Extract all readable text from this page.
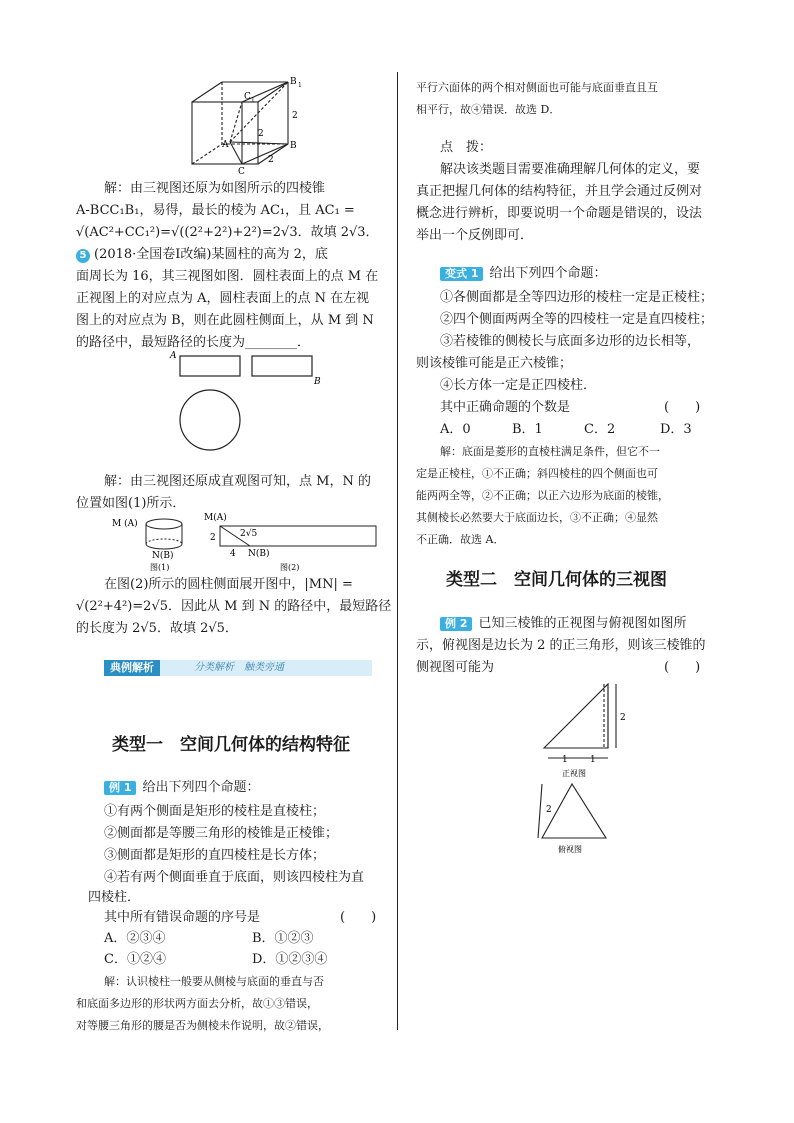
B 1
C 1
A	B
C
2
2
2
解：由三视图还原为如图所示的四棱锥
A-BCC₁B₁，易得，最长的棱为 AC₁，且 AC₁ =
√(AC²+CC₁²)=√((2²+2²)+2²)=2√3．故填 2√3．
5 (2018·全国卷Ⅰ改编)某圆柱的高为 2，底
面周长为 16，其三视图如图．圆柱表面上的点 M 在
正视图上的对应点为 A，圆柱表面上的点 N 在左视
图上的对应点为 B，则在此圆柱侧面上，从 M 到 N
的路径中，最短路径的长度为________．
A
B
解：由三视图还原成直观图可知，点 M，N 的
位置如图(1)所示．
M (A)
N(B)
图(1)
M(A)
2	2√5
4 N(B)
图(2)
在图(2)所示的圆柱侧面展开图中，|MN| =
√(2²+4²)=2√5．因此从 M 到 N 的路径中，最短路径
的长度为 2√5．故填 2√5．
典例解析	分类解析　触类旁通
类型一　空间几何体的结构特征
例 1 给出下列四个命题：
①有两个侧面是矩形的棱柱是直棱柱；
②侧面都是等腰三角形的棱锥是正棱锥；
③侧面都是矩形的直四棱柱是长方体；
④若有两个侧面垂直于底面，则该四棱柱为直
四棱柱．
其中所有错误命题的序号是	(　　)
A．②③④	B．①②③
C．①②④	D．①②③④
解：认识棱柱一般要从侧棱与底面的垂直与否
和底面多边形的形状两方面去分析，故①③错误，
对等腰三角形的腰是否为侧棱未作说明，故②错误，
平行六面体的两个相对侧面也可能与底面垂直且互
相平行，故④错误．故选 D．
点　拨：
解决该类题目需要准确理解几何体的定义，要
真正把握几何体的结构特征，并且学会通过反例对
概念进行辨析，即要说明一个命题是错误的，设法
举出一个反例即可．
变式 1 给出下列四个命题：
①各侧面都是全等四边形的棱柱一定是正棱柱；
②四个侧面两两全等的四棱柱一定是直四棱柱；
③若棱锥的侧棱长与底面多边形的边长相等，
则该棱锥可能是正六棱锥；
④长方体一定是正四棱柱．
其中正确命题的个数是	(　　)
A．0	B．1	C．2	D．3
解：底面是菱形的直棱柱满足条件，但它不一
定是正棱柱，①不正确；斜四棱柱的四个侧面也可
能两两全等，②不正确；以正六边形为底面的棱锥，
其侧棱长必然要大于底面边长，③不正确；④显然
不正确．故选 A．
类型二　空间几何体的三视图
例 2 已知三棱锥的正视图与俯视图如图所
示，俯视图是边长为 2 的正三角形，则该三棱锥的
侧视图可能为	(　　)
2
1 1
正视图
2
俯视图
